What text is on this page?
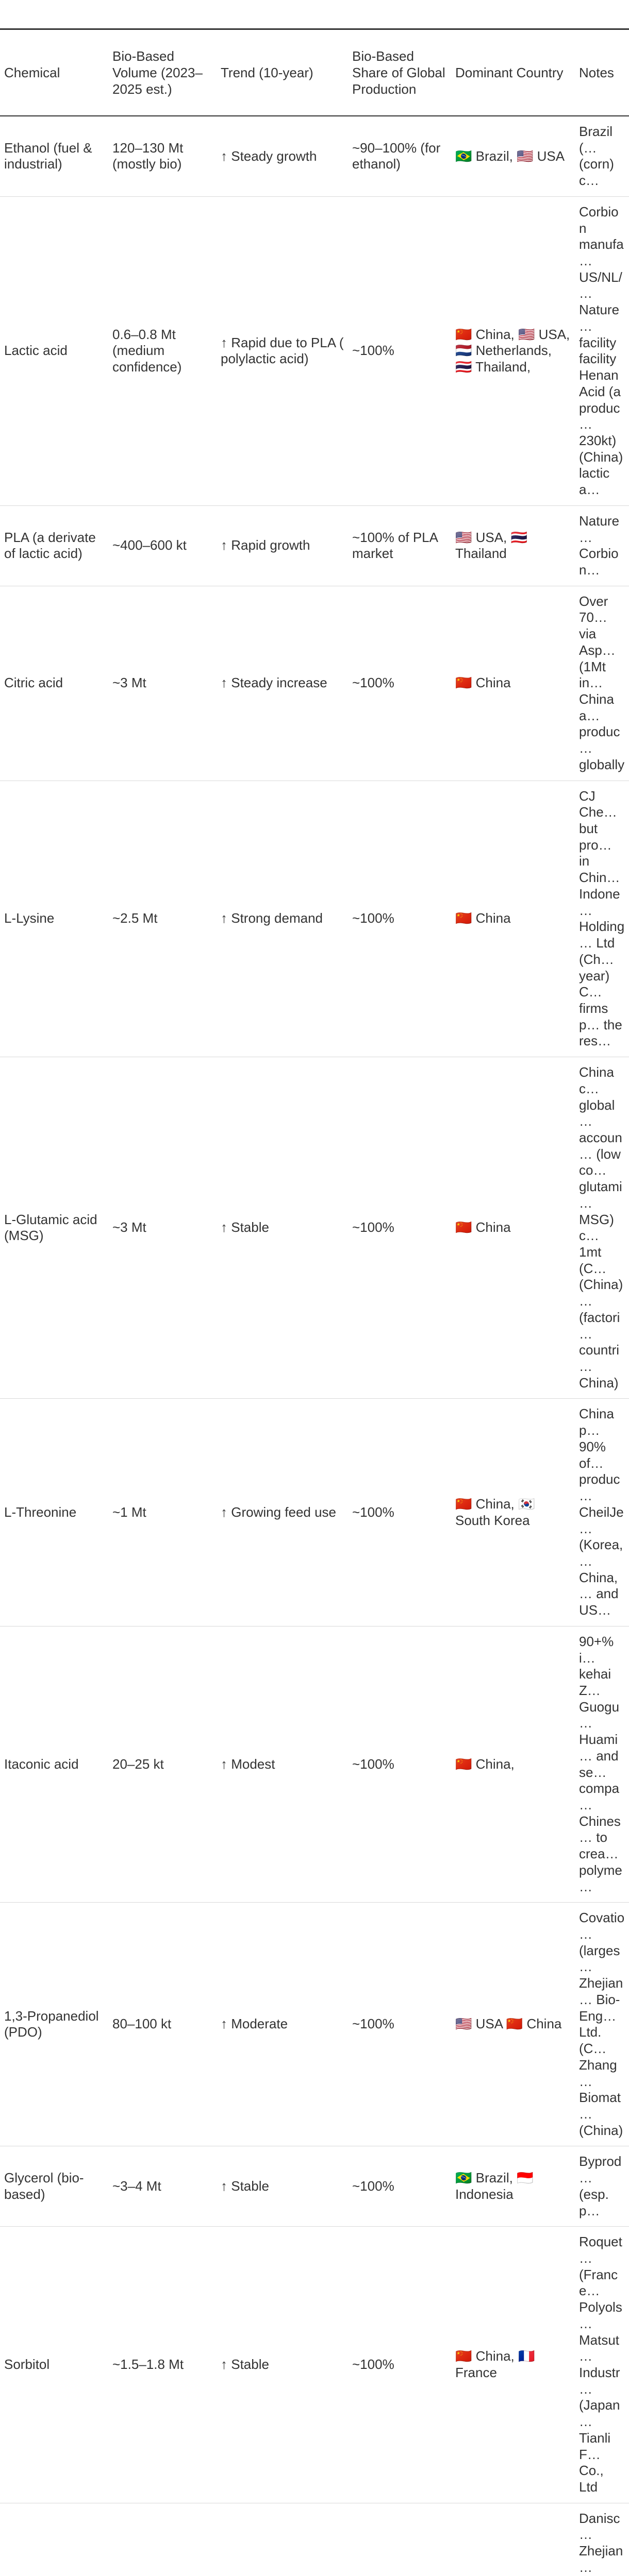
Chemical	Bio-Based Volume (2023–2025 est.)	Trend (10-year)	Bio-Based Share of Global Production	Dominant Country	Notes
Ethanol (fuel & industrial)	120–130 Mt (mostly bio)	↑ Steady growth	~90–100% (for ethanol)	🇧🇷 Brazil, 🇺🇸 USA	Brazil (… (corn) c…
Lactic acid	0.6–0.8 Mt (medium confidence)	↑ Rapid due to PLA ( polylactic acid)	~100%	🇨🇳 China, 🇺🇸 USA, 🇳🇱 Netherlands, 🇹🇭 Thailand,	Corbion manufa… US/NL/… Nature… facility facility Henan Acid (a produc… 230kt) (China) lactic a…
PLA (a derivate of lactic acid)	~400–600 kt	↑ Rapid growth	~100% of PLA market	🇺🇸 USA, 🇹🇭 Thailand	Nature… Corbion…
Citric acid	~3 Mt	↑ Steady increase	~100%	🇨🇳 China	Over 70… via Asp… (1Mt in… China a… produc… globally
L-Lysine	~2.5 Mt	↑ Strong demand	~100%	🇨🇳 China	CJ Che… but pro… in Chin… Indone… Holding… Ltd (Ch… year) C… firms p… the res…
L-Glutamic acid (MSG)	~3 Mt	↑ Stable	~100%	🇨🇳 China	China c… global … accoun… (low co… glutami… MSG) c… 1mt (C… (China)… (factori… countri… China)
L-Threonine	~1 Mt	↑ Growing feed use	~100%	🇨🇳 China, 🇰🇷 South Korea	China p… 90% of… produc… CheilJe… (Korea,… China, … and US…
Itaconic acid	20–25 kt	↑ Modest	~100%	🇨🇳 China,	90+% i… kehai Z… Guogu… Huami… and se… compa… Chines… to crea… polyme…
1,3-Propanediol (PDO)	80–100 kt	↑ Moderate	~100%	🇺🇸 USA 🇨🇳 China	Covatio… (larges… Zhejian… Bio-Eng… Ltd. (C… Zhang… Biomat… (China)
Glycerol (bio-based)	~3–4 Mt	↑ Stable	~100%	🇧🇷 Brazil, 🇮🇩 Indonesia	Byprod… (esp. p…
Sorbitol	~1.5–1.8 Mt	↑ Stable	~100%	🇨🇳 China, 🇫🇷 France	Roquet… (France… Polyols… Matsut… Industr… (Japan… Tianli F… Co., Ltd
					Danisc… Zhejian…
